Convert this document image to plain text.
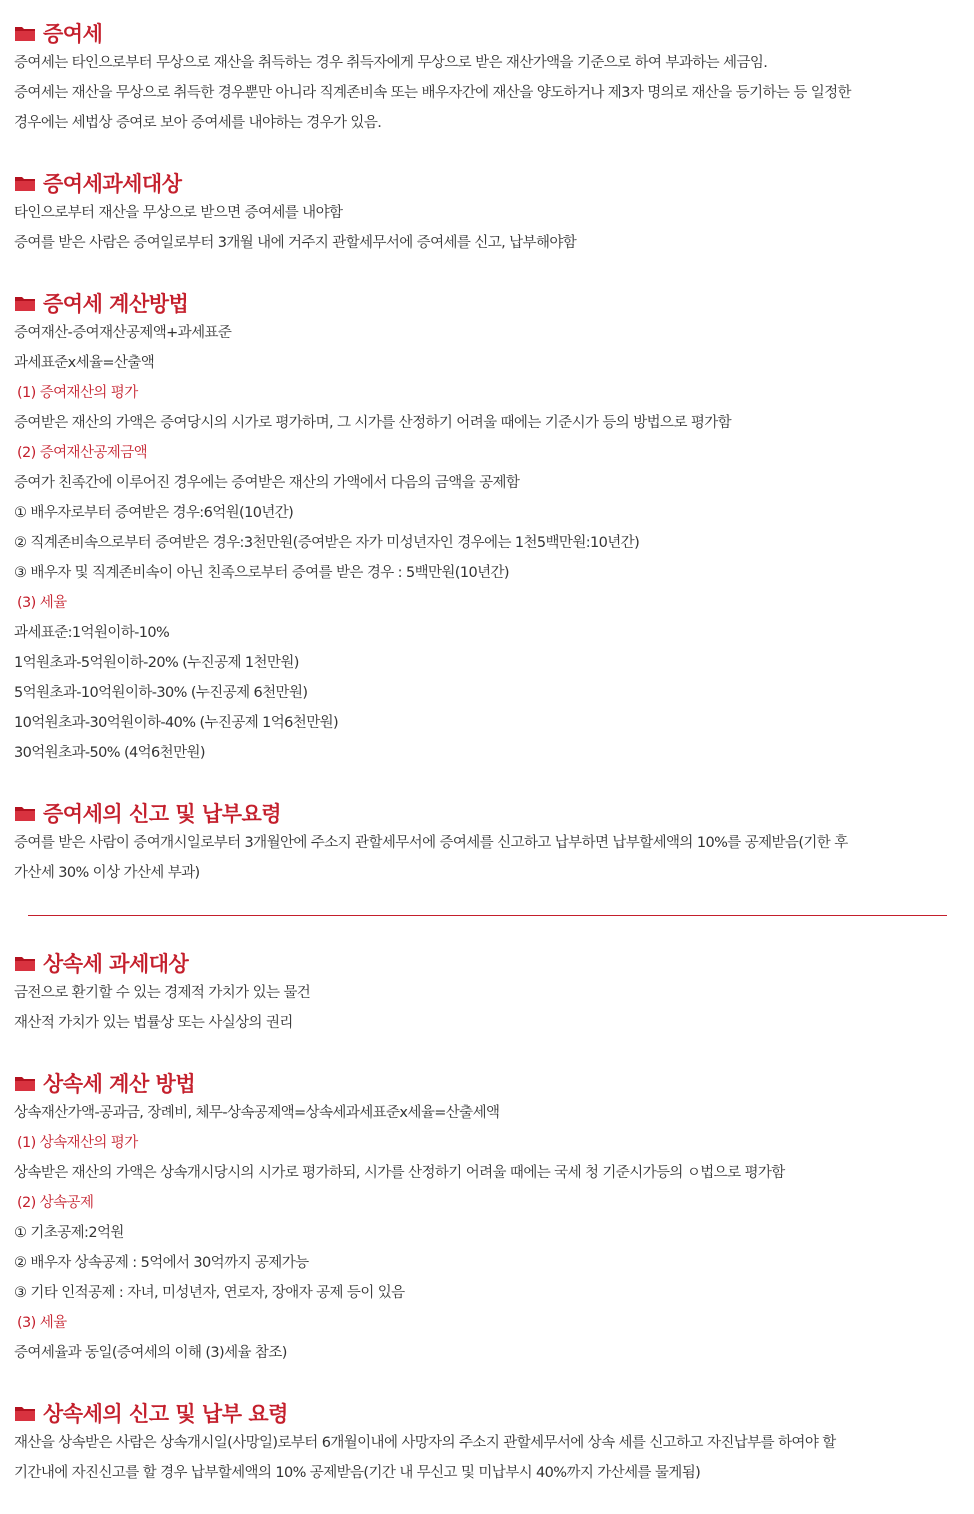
증여세
증여세는 타인으로부터 무상으로 재산을 취득하는 경우 취득자에게 무상으로 받은 재산가액을 기준으로 하여 부과하는 세금임.
증여세는 재산을 무상으로 취득한 경우뿐만 아니라 직계존비속 또는 배우자간에 재산을 양도하거나 제3자 명의로 재산을 등기하는 등 일정한
경우에는 세법상 증여로 보아 증여세를 내야하는 경우가 있음.
증여세과세대상
타인으로부터 재산을 무상으로 받으면 증여세를 내야함
증여를 받은 사람은 증여일로부터 3개월 내에 거주지 관할세무서에 증여세를 신고, 납부해야함
증여세 계산방법
증여재산-증여재산공제액+과세표준
과세표준x세율=산출액
(1) 증여재산의 평가
증여받은 재산의 가액은 증여당시의 시가로 평가하며, 그 시가를 산정하기 어려울 때에는 기준시가 등의 방법으로 평가함
(2) 증여재산공제금액
증여가 친족간에 이루어진 경우에는 증여받은 재산의 가액에서 다음의 금액을 공제함
① 배우자로부터 증여받은 경우:6억원(10년간)
② 직계존비속으로부터 증여받은 경우:3천만원(증여받은 자가 미성년자인 경우에는 1천5백만원:10년간)
③ 배우자 및 직계존비속이 아닌 친족으로부터 증여를 받은 경우 : 5백만원(10년간)
(3) 세율
과세표준:1억원이하-10%
1억원초과-5억원이하-20% (누진공제 1천만원)
5억원초과-10억원이하-30% (누진공제 6천만원)
10억원초과-30억원이하-40% (누진공제 1억6천만원)
30억원초과-50% (4억6천만원)
증여세의 신고 및 납부요령
증여를 받은 사람이 증여개시일로부터 3개월안에 주소지 관할세무서에 증여세를 신고하고 납부하면 납부할세액의 10%를 공제받음(기한 후
가산세 30% 이상 가산세 부과)
상속세 과세대상
금전으로 환기할 수 있는 경제적 가치가 있는 물건
재산적 가치가 있는 법률상 또는 사실상의 권리
상속세 계산 방법
상속재산가액-공과금, 장례비, 체무-상속공제액=상속세과세표준x세율=산출세액
(1) 상속재산의 평가
상속받은 재산의 가액은 상속개시당시의 시가로 평가하되, 시가를 산정하기 어려울 때에는 국세 청 기준시가등의 ㅇ법으로 평가함
(2) 상속공제
① 기초공제:2억원
② 배우자 상속공제 : 5억에서 30억까지 공제가능
③ 기타 인적공제 : 자녀, 미성년자, 연로자, 장애자 공제 등이 있음
(3) 세율
증여세율과 동일(증여세의 이해 (3)세율 참조)
상속세의 신고 및 납부 요령
재산을 상속받은 사람은 상속개시일(사망일)로부터 6개월이내에 사망자의 주소지 관할세무서에 상속 세를 신고하고 자진납부를 하여야 할
기간내에 자진신고를 할 경우 납부할세액의 10% 공제받음(기간 내 무신고 및 미납부시 40%까지 가산세를 물게됨)
